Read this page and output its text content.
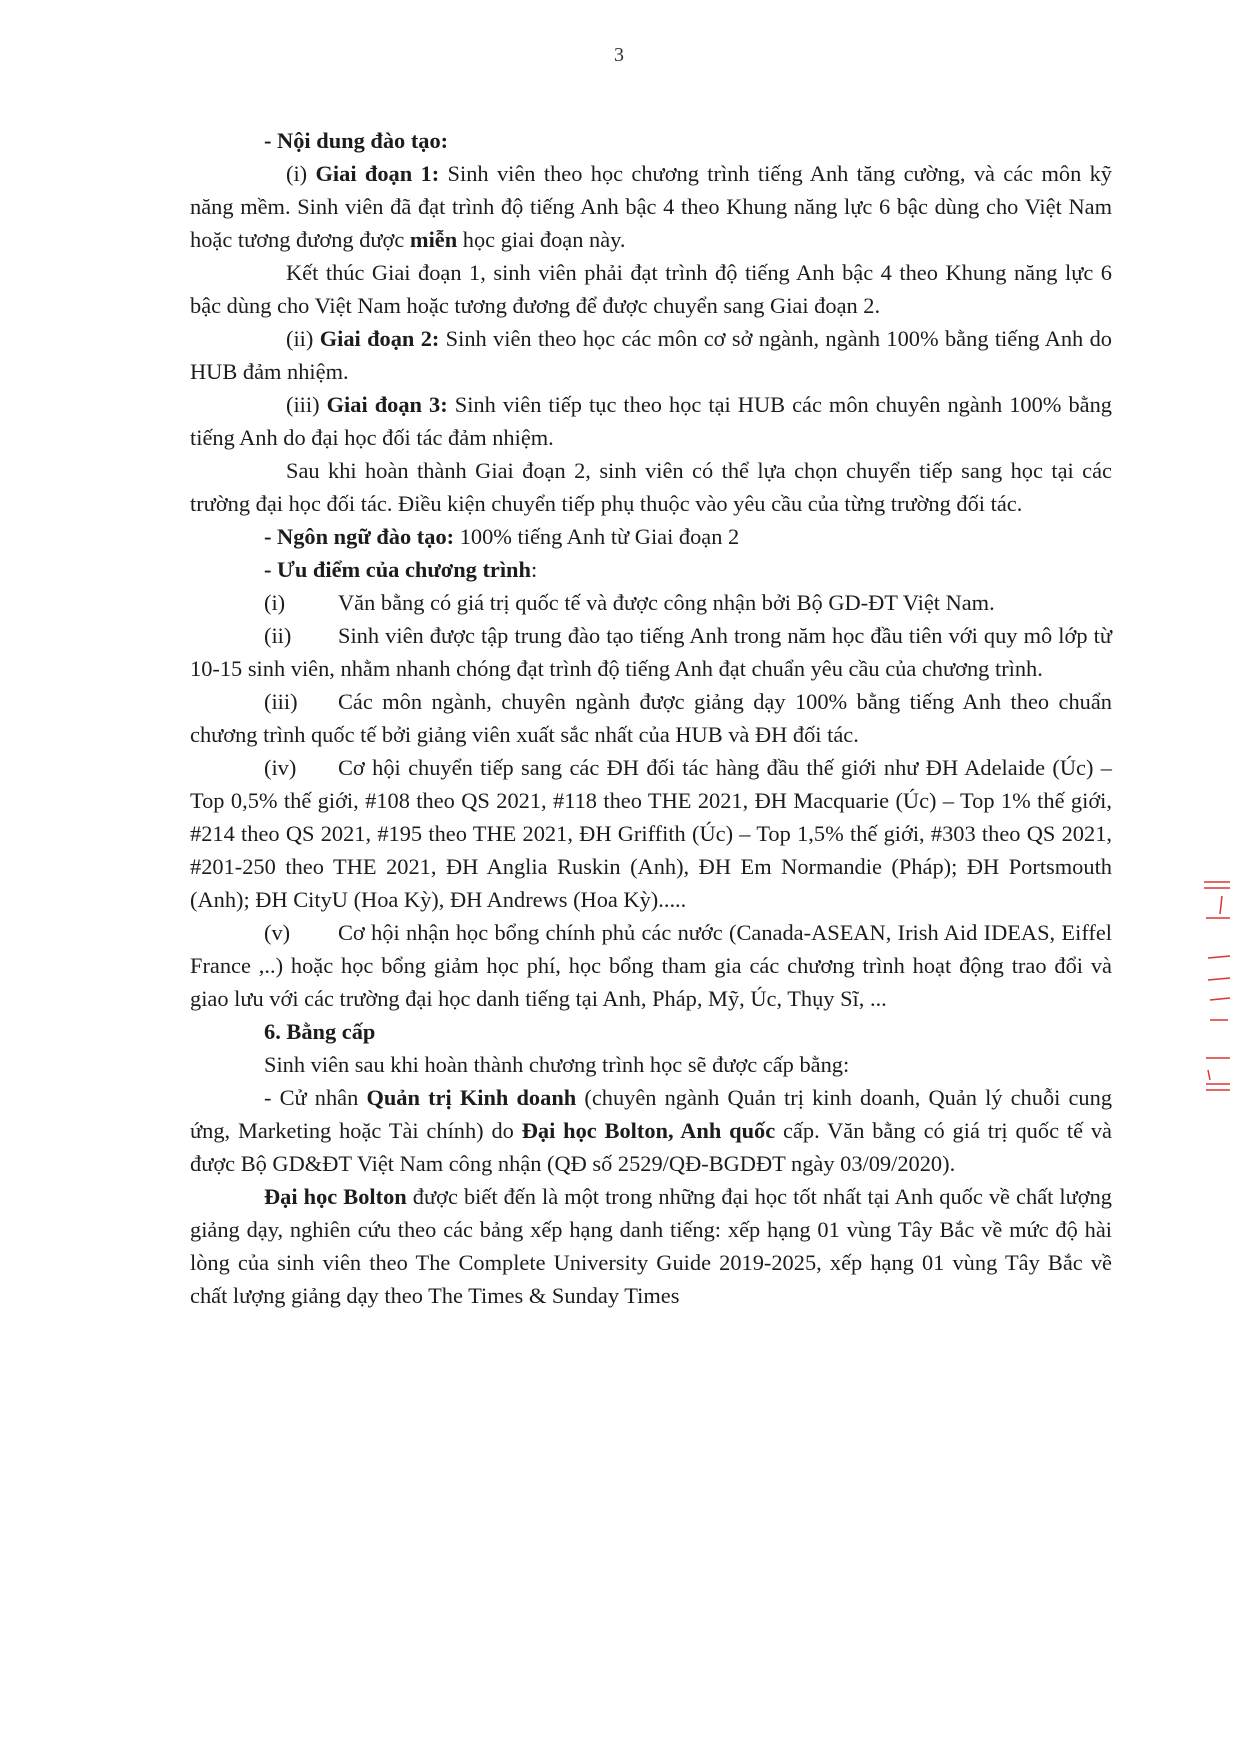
3

- Nội dung đào tạo:

(i) Giai đoạn 1: Sinh viên theo học chương trình tiếng Anh tăng cường, và các môn kỹ năng mềm. Sinh viên đã đạt trình độ tiếng Anh bậc 4 theo Khung năng lực 6 bậc dùng cho Việt Nam hoặc tương đương được miễn học giai đoạn này.

Kết thúc Giai đoạn 1, sinh viên phải đạt trình độ tiếng Anh bậc 4 theo Khung năng lực 6 bậc dùng cho Việt Nam hoặc tương đương để được chuyển sang Giai đoạn 2.

(ii) Giai đoạn 2: Sinh viên theo học các môn cơ sở ngành, ngành 100% bằng tiếng Anh do HUB đảm nhiệm.

(iii) Giai đoạn 3: Sinh viên tiếp tục theo học tại HUB các môn chuyên ngành 100% bằng tiếng Anh do đại học đối tác đảm nhiệm.

Sau khi hoàn thành Giai đoạn 2, sinh viên có thể lựa chọn chuyển tiếp sang học tại các trường đại học đối tác. Điều kiện chuyển tiếp phụ thuộc vào yêu cầu của từng trường đối tác.

- Ngôn ngữ đào tạo: 100% tiếng Anh từ Giai đoạn 2

- Ưu điểm của chương trình:

(i) Văn bằng có giá trị quốc tế và được công nhận bởi Bộ GD-ĐT Việt Nam.

(ii) Sinh viên được tập trung đào tạo tiếng Anh trong năm học đầu tiên với quy mô lớp từ 10-15 sinh viên, nhằm nhanh chóng đạt trình độ tiếng Anh đạt chuẩn yêu cầu của chương trình.

(iii) Các môn ngành, chuyên ngành được giảng dạy 100% bằng tiếng Anh theo chuẩn chương trình quốc tế bởi giảng viên xuất sắc nhất của HUB và ĐH đối tác.

(iv) Cơ hội chuyển tiếp sang các ĐH đối tác hàng đầu thế giới như ĐH Adelaide (Úc) – Top 0,5% thế giới, #108 theo QS 2021, #118 theo THE 2021, ĐH Macquarie (Úc) – Top 1% thế giới, #214 theo QS 2021, #195 theo THE 2021, ĐH Griffith (Úc) – Top 1,5% thế giới, #303 theo QS 2021, #201-250 theo THE 2021, ĐH Anglia Ruskin (Anh), ĐH Em Normandie (Pháp); ĐH Portsmouth (Anh); ĐH CityU (Hoa Kỳ), ĐH Andrews (Hoa Kỳ).....

(v) Cơ hội nhận học bổng chính phủ các nước (Canada-ASEAN, Irish Aid IDEAS, Eiffel France ,..) hoặc học bổng giảm học phí, học bổng tham gia các chương trình hoạt động trao đổi và giao lưu với các trường đại học danh tiếng tại Anh, Pháp, Mỹ, Úc, Thụy Sĩ, ...

6. Bằng cấp

Sinh viên sau khi hoàn thành chương trình học sẽ được cấp bằng:

- Cử nhân Quản trị Kinh doanh (chuyên ngành Quản trị kinh doanh, Quản lý chuỗi cung ứng, Marketing hoặc Tài chính) do Đại học Bolton, Anh quốc cấp. Văn bằng có giá trị quốc tế và được Bộ GD&ĐT Việt Nam công nhận (QĐ số 2529/QĐ-BGDĐT ngày 03/09/2020).

Đại học Bolton được biết đến là một trong những đại học tốt nhất tại Anh quốc về chất lượng giảng dạy, nghiên cứu theo các bảng xếp hạng danh tiếng: xếp hạng 01 vùng Tây Bắc về mức độ hài lòng của sinh viên theo The Complete University Guide 2019-2025, xếp hạng 01 vùng Tây Bắc về chất lượng giảng dạy theo The Times & Sunday Times
